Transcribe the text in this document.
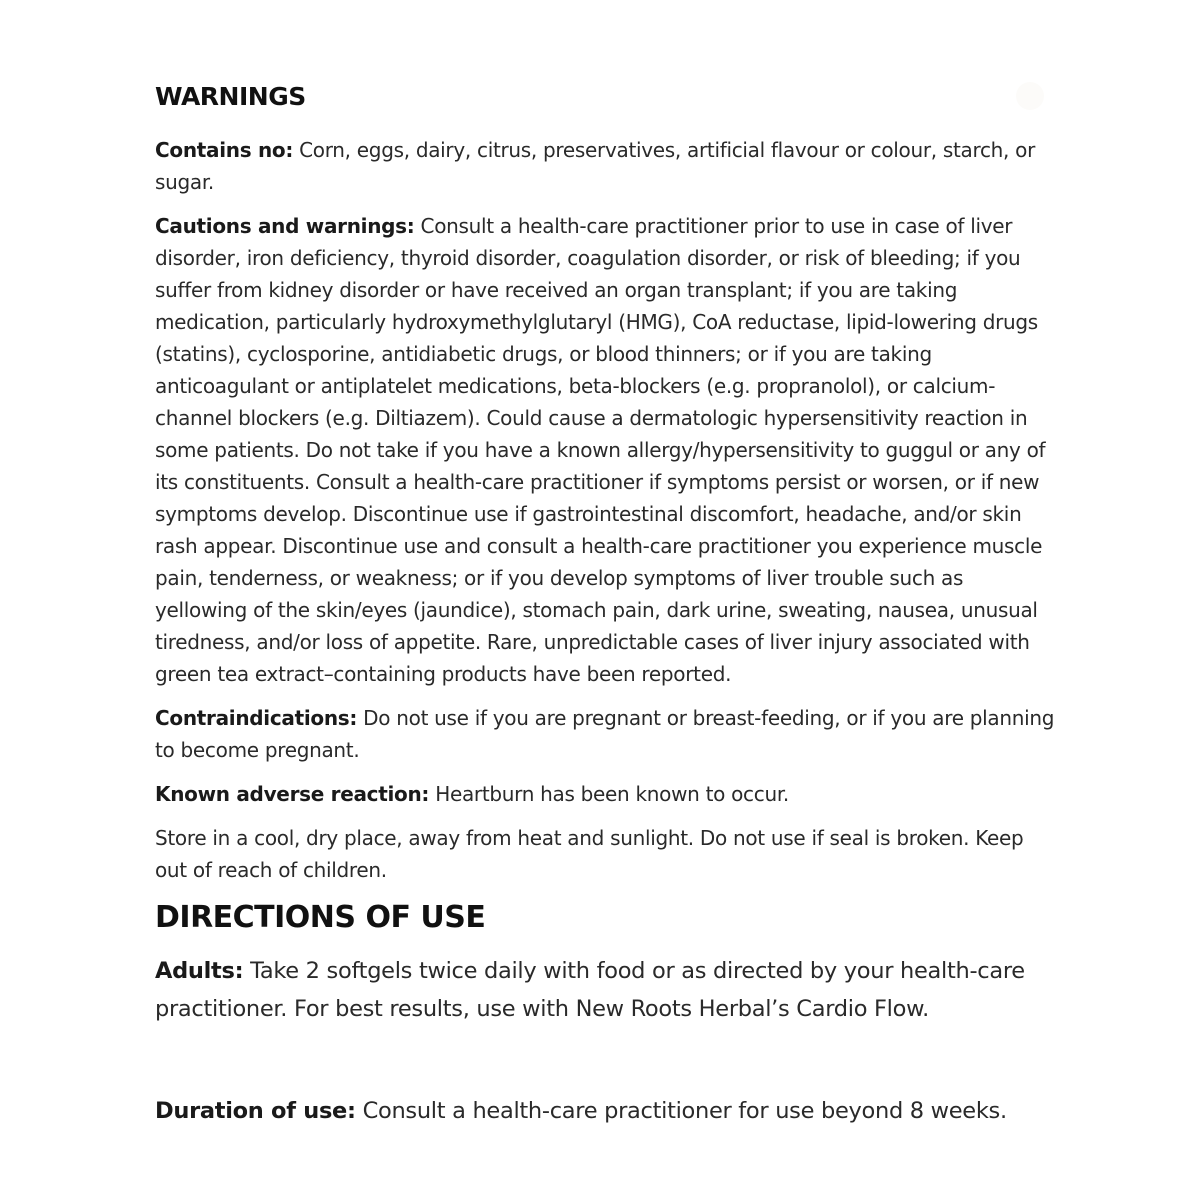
WARNINGS

Contains no: Corn, eggs, dairy, citrus, preservatives, artificial flavour or colour, starch, or sugar.

Cautions and warnings: Consult a health-care practitioner prior to use in case of liver disorder, iron deficiency, thyroid disorder, coagulation disorder, or risk of bleeding; if you suffer from kidney disorder or have received an organ transplant; if you are taking medication, particularly hydroxymethylglutaryl (HMG), CoA reductase, lipid-lowering drugs (statins), cyclosporine, antidiabetic drugs, or blood thinners; or if you are taking anticoagulant or antiplatelet medications, beta-blockers (e.g. propranolol), or calcium-channel blockers (e.g. Diltiazem). Could cause a dermatologic hypersensitivity reaction in some patients. Do not take if you have a known allergy/hypersensitivity to guggul or any of its constituents. Consult a health-care practitioner if symptoms persist or worsen, or if new symptoms develop. Discontinue use if gastrointestinal discomfort, headache, and/or skin rash appear. Discontinue use and consult a health-care practitioner you experience muscle pain, tenderness, or weakness; or if you develop symptoms of liver trouble such as yellowing of the skin/eyes (jaundice), stomach pain, dark urine, sweating, nausea, unusual tiredness, and/or loss of appetite. Rare, unpredictable cases of liver injury associated with green tea extract–containing products have been reported.

Contraindications: Do not use if you are pregnant or breast-feeding, or if you are planning to become pregnant.

Known adverse reaction: Heartburn has been known to occur.

Store in a cool, dry place, away from heat and sunlight. Do not use if seal is broken. Keep out of reach of children.

DIRECTIONS OF USE

Adults: Take 2 softgels twice daily with food or as directed by your health-care practitioner. For best results, use with New Roots Herbal’s Cardio Flow.

Duration of use: Consult a health-care practitioner for use beyond 8 weeks.
